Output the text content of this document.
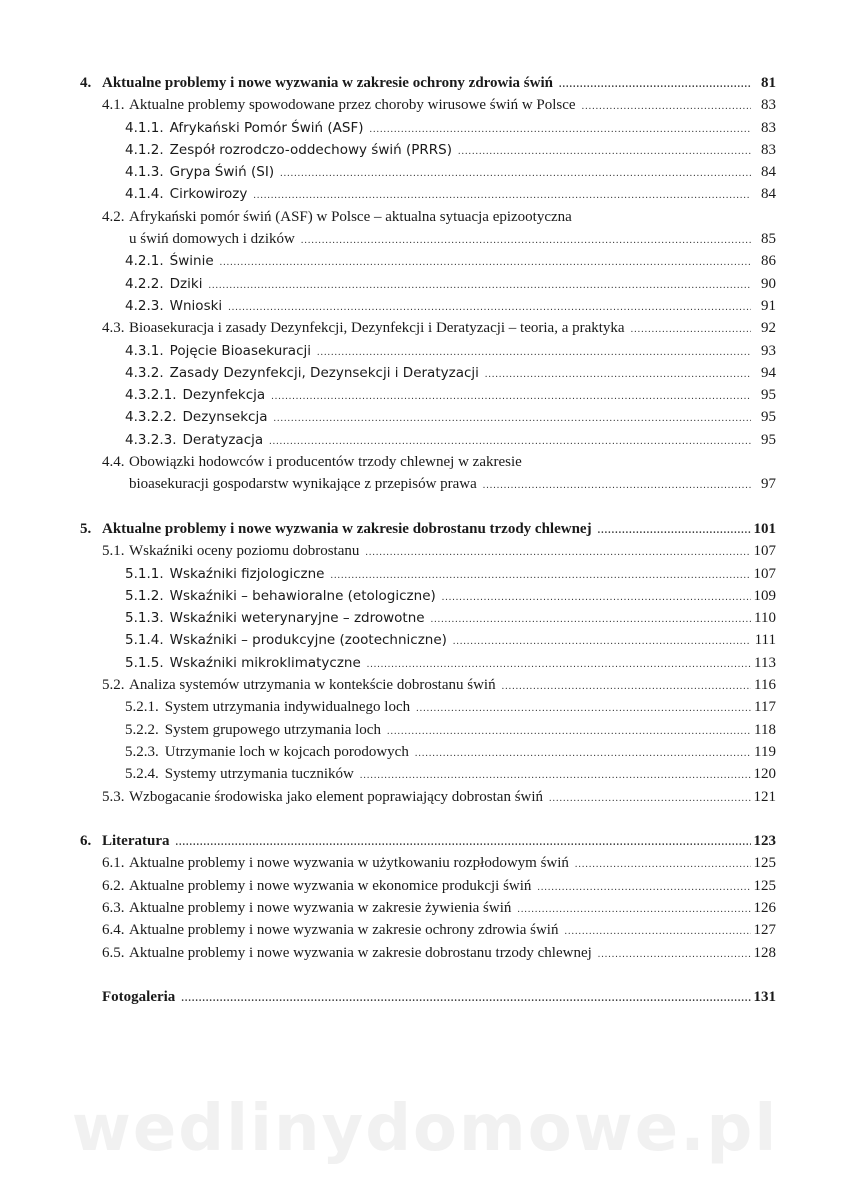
4. Aktualne problemy i nowe wyzwania w zakresie ochrony zdrowia świń .....	81
4.1. Aktualne problemy spowodowane przez choroby wirusowe świń w Polsce .....	83
4.1.1. Afrykański Pomór Świń (ASF) .....	83
4.1.2. Zespół rozrodczo-oddechowy świń (PRRS) .....	83
4.1.3. Grypa Świń (SI) .....	84
4.1.4. Cirkowirozy .....	84
4.2. Afrykański pomór świń (ASF) w Polsce – aktualna sytuacja epizootyczna
u świń domowych i dzików .....	85
4.2.1. Świnie .....	86
4.2.2. Dziki .....	90
4.2.3. Wnioski .....	91
4.3. Bioasekuracja i zasady Dezynfekcji, Dezynfekcji i Deratyzacji – teoria, a praktyka .....	92
4.3.1. Pojęcie Bioasekuracji .....	93
4.3.2. Zasady Dezynfekcji, Dezynsekcji i Deratyzacji .....	94
4.3.2.1. Dezynfekcja .....	95
4.3.2.2. Dezynsekcja .....	95
4.3.2.3. Deratyzacja .....	95
4.4. Obowiązki hodowców i producentów trzody chlewnej w zakresie
bioasekuracji gospodarstw wynikające z przepisów prawa .....	97
5. Aktualne problemy i nowe wyzwania w zakresie dobrostanu trzody chlewnej .....	101
5.1. Wskaźniki oceny poziomu dobrostanu .....	107
5.1.1. Wskaźniki fizjologiczne .....	107
5.1.2. Wskaźniki – behawioralne (etologiczne) .....	109
5.1.3. Wskaźniki weterynaryjne – zdrowotne .....	110
5.1.4. Wskaźniki – produkcyjne (zootechniczne) .....	111
5.1.5. Wskaźniki mikroklimatyczne .....	113
5.2. Analiza systemów utrzymania w kontekście dobrostanu świń .....	116
5.2.1. System utrzymania indywidualnego loch .....	117
5.2.2. System grupowego utrzymania loch .....	118
5.2.3. Utrzymanie loch w kojcach porodowych .....	119
5.2.4. Systemy utrzymania tuczników .....	120
5.3. Wzbogacanie środowiska jako element poprawiający dobrostan świń .....	121
6. Literatura .....	123
6.1. Aktualne problemy i nowe wyzwania w użytkowaniu rozpłodowym świń .....	125
6.2. Aktualne problemy i nowe wyzwania w ekonomice produkcji świń .....	125
6.3. Aktualne problemy i nowe wyzwania w zakresie żywienia świń .....	126
6.4. Aktualne problemy i nowe wyzwania w zakresie ochrony zdrowia świń .....	127
6.5. Aktualne problemy i nowe wyzwania w zakresie dobrostanu trzody chlewnej .....	128
Fotogaleria .....	131
wedlinydomowe.pl
